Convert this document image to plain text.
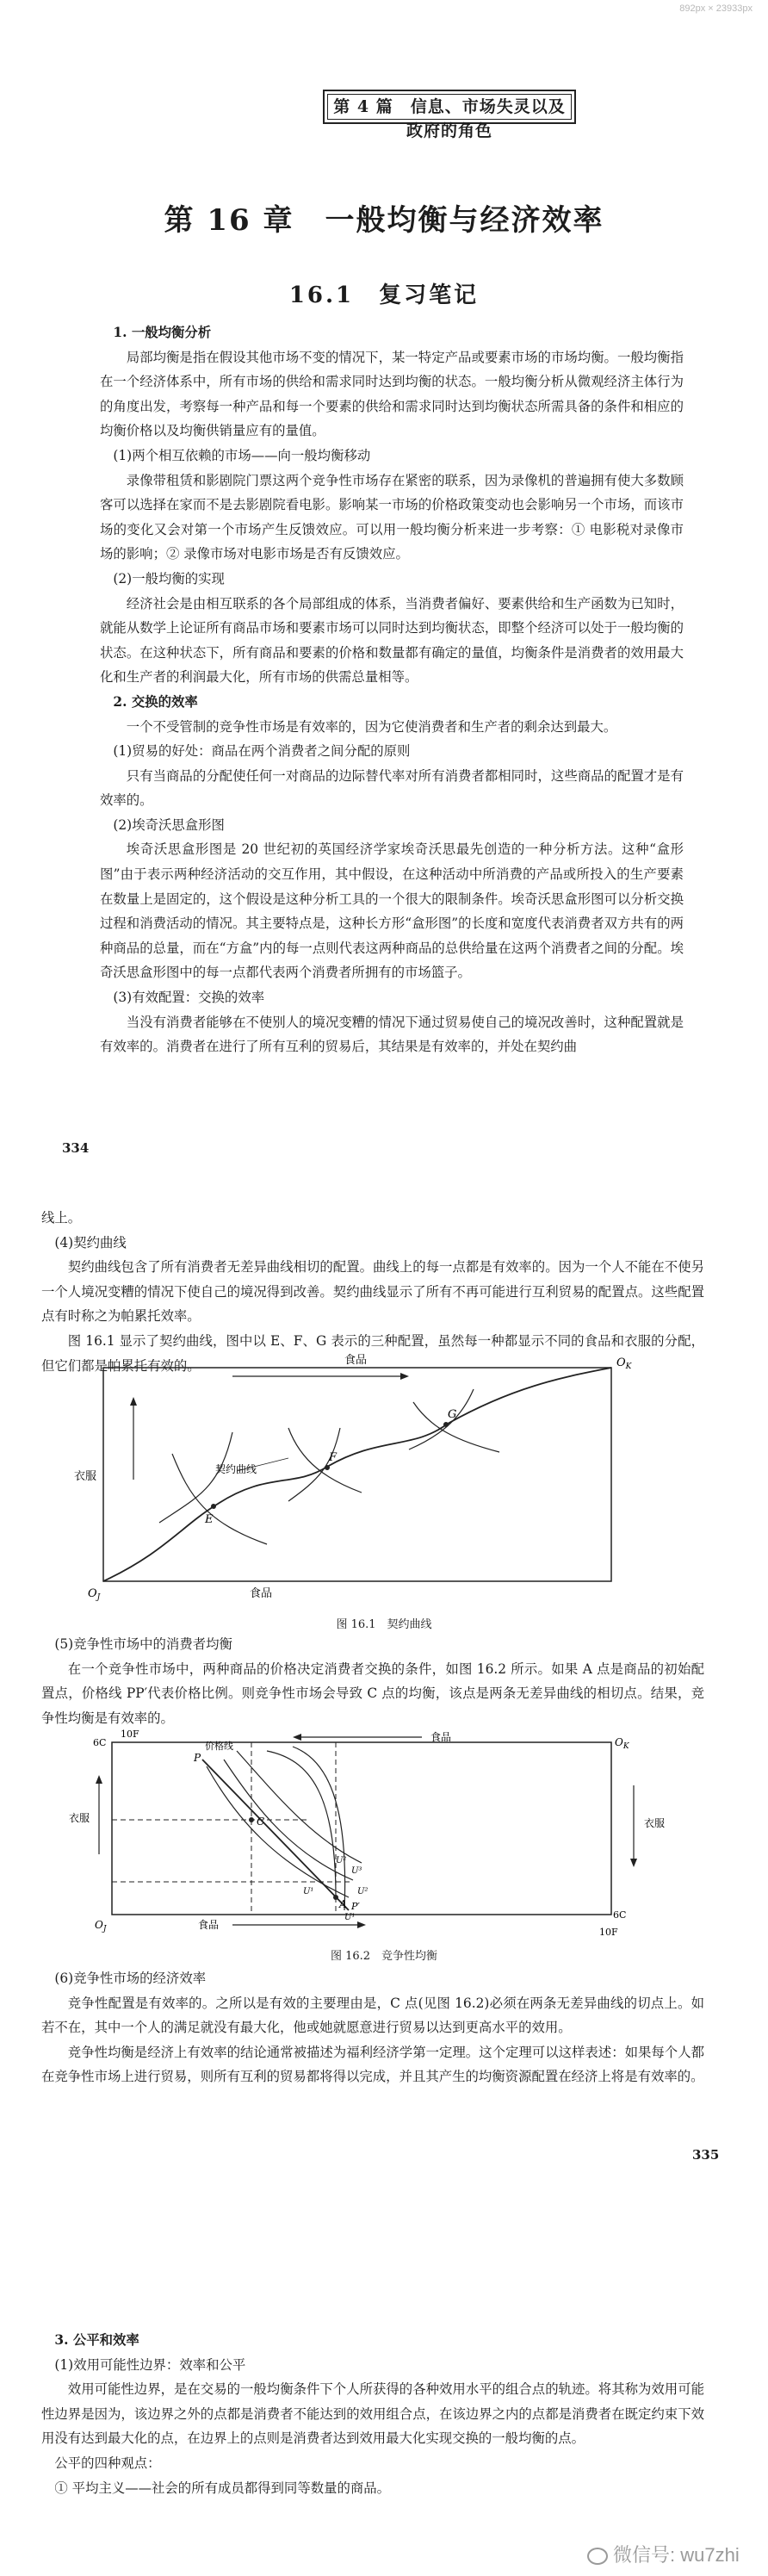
892px × 23933px
第 4 篇　信息、市场失灵以及政府的角色
第 16 章　一般均衡与经济效率
16.1　复习笔记

1. 一般均衡分析

局部均衡是指在假设其他市场不变的情况下，某一特定产品或要素市场的市场均衡。一般均衡指在一个经济体系中，所有市场的供给和需求同时达到均衡的状态。一般均衡分析从微观经济主体行为的角度出发，考察每一种产品和每一个要素的供给和需求同时达到均衡状态所需具备的条件和相应的均衡价格以及均衡供销量应有的量值。

(1)两个相互依赖的市场——向一般均衡移动

录像带租赁和影剧院门票这两个竞争性市场存在紧密的联系，因为录像机的普遍拥有使大多数顾客可以选择在家而不是去影剧院看电影。影响某一市场的价格政策变动也会影响另一个市场，而该市场的变化又会对第一个市场产生反馈效应。可以用一般均衡分析来进一步考察：① 电影税对录像市场的影响；② 录像市场对电影市场是否有反馈效应。

(2)一般均衡的实现

经济社会是由相互联系的各个局部组成的体系，当消费者偏好、要素供给和生产函数为已知时，就能从数学上论证所有商品市场和要素市场可以同时达到均衡状态，即整个经济可以处于一般均衡的状态。在这种状态下，所有商品和要素的价格和数量都有确定的量值，均衡条件是消费者的效用最大化和生产者的利润最大化，所有市场的供需总量相等。

2. 交换的效率

一个不受管制的竞争性市场是有效率的，因为它使消费者和生产者的剩余达到最大。

(1)贸易的好处：商品在两个消费者之间分配的原则

只有当商品的分配使任何一对商品的边际替代率对所有消费者都相同时，这些商品的配置才是有效率的。

(2)埃奇沃思盒形图

埃奇沃思盒形图是 20 世纪初的英国经济学家埃奇沃思最先创造的一种分析方法。这种“盒形图”由于表示两种经济活动的交互作用，其中假设，在这种活动中所消费的产品或所投入的生产要素在数量上是固定的，这个假设是这种分析工具的一个很大的限制条件。埃奇沃思盒形图可以分析交换过程和消费活动的情况。其主要特点是，这种长方形“盒形图”的长度和宽度代表消费者双方共有的两种商品的总量，而在“方盒”内的每一点则代表这两种商品的总供给量在这两个消费者之间的分配。埃奇沃思盒形图中的每一点都代表两个消费者所拥有的市场篮子。

(3)有效配置：交换的效率

当没有消费者能够在不使别人的境况变糟的情况下通过贸易使自己的境况改善时，这种配置就是有效率的。消费者在进行了所有互利的贸易后，其结果是有效率的，并处在契约曲

334

线上。

(4)契约曲线

契约曲线包含了所有消费者无差异曲线相切的配置。曲线上的每一点都是有效率的。因为一个人不能在不使另一个人境况变糟的情况下使自己的境况得到改善。契约曲线显示了所有不再可能进行互利贸易的配置点。这些配置点有时称之为帕累托效率。

图 16.1 显示了契约曲线，图中以 E、F、G 表示的三种配置，虽然每一种都显示不同的食品和衣服的分配，但它们都是帕累托有效的。

E
F
G
契约曲线
食品
食品
衣服
$O_J$
$O_K$
图 16.1　契约曲线

(5)竞争性市场中的消费者均衡

在一个竞争性市场中，两种商品的价格决定消费者交换的条件，如图 16.2 所示。如果 A 点是商品的初始配置点，价格线 PP′代表价格比例。则竞争性市场会导致 C 点的均衡，该点是两条无差异曲线的相切点。结果，竞争性均衡是有效率的。

C
A
P
P′
价格线
U³
U²
U²
U¹
U¹
6C
10F
6C
10F
食品
食品
衣服	衣服
$O_J$
$O_K$
图 16.2　竞争性均衡

(6)竞争性市场的经济效率

竞争性配置是有效率的。之所以是有效的主要理由是，C 点(见图 16.2)必须在两条无差异曲线的切点上。如若不在，其中一个人的满足就没有最大化，他或她就愿意进行贸易以达到更高水平的效用。

竞争性均衡是经济上有效率的结论通常被描述为福利经济学第一定理。这个定理可以这样表述：如果每个人都在竞争性市场上进行贸易，则所有互利的贸易都将得以完成，并且其产生的均衡资源配置在经济上将是有效率的。

335

3. 公平和效率

(1)效用可能性边界：效率和公平

效用可能性边界，是在交易的一般均衡条件下个人所获得的各种效用水平的组合点的轨迹。将其称为效用可能性边界是因为，该边界之外的点都是消费者不能达到的效用组合点，在该边界之内的点都是消费者在既定约束下效用没有达到最大化的点，在边界上的点则是消费者达到效用最大化实现交换的一般均衡的点。

公平的四种观点：

① 平均主义——社会的所有成员都得到同等数量的商品。

微信号: wu7zhi
